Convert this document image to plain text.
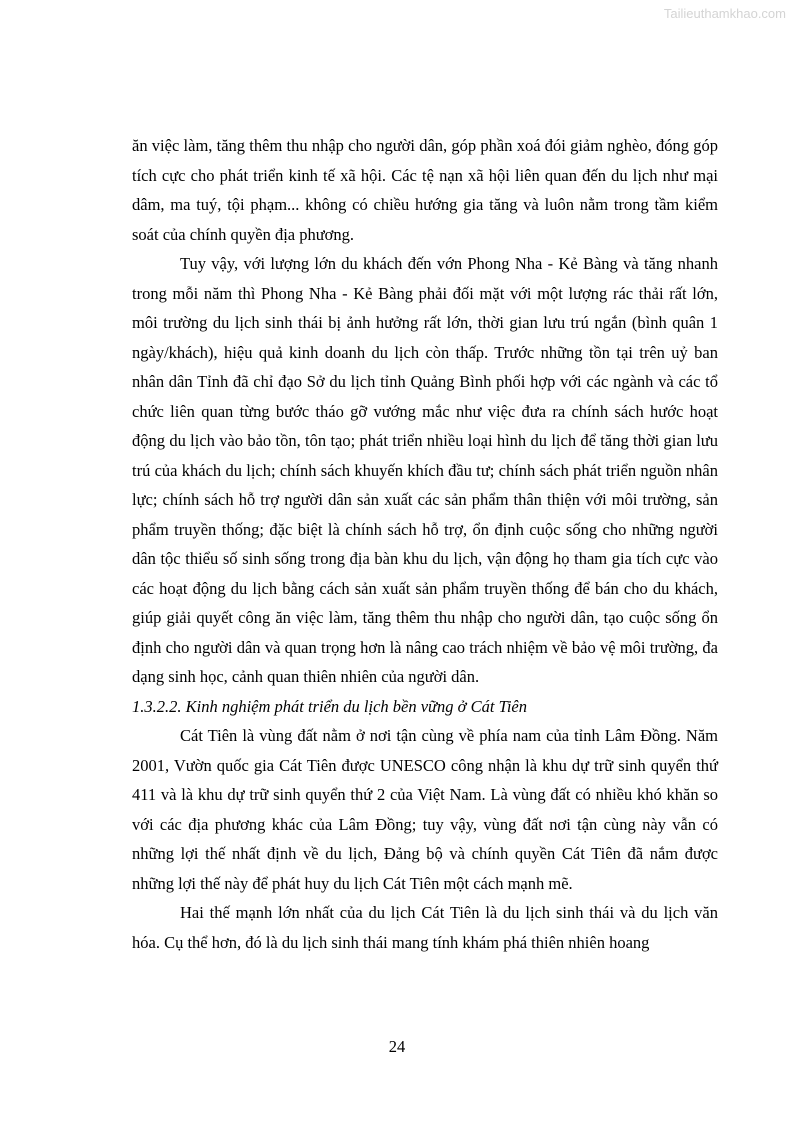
Tailieuthamkhao.com

ăn việc làm, tăng thêm thu nhập cho người dân, góp phần xoá đói giảm nghèo, đóng góp tích cực cho phát triển kinh tế xã hội. Các tệ nạn xã hội liên quan đến du lịch như mại dâm, ma tuý, tội phạm... không có chiều hướng gia tăng và luôn nằm trong tầm kiểm soát của chính quyền địa phương.

Tuy vậy, với lượng lớn du khách đến vớn Phong Nha - Kẻ Bàng và tăng nhanh trong mỗi năm thì Phong Nha - Kẻ Bàng phải đối mặt với một lượng rác thải rất lớn, môi trường du lịch sinh thái bị ảnh hưởng rất lớn, thời gian lưu trú ngắn (bình quân 1 ngày/khách), hiệu quả kinh doanh du lịch còn thấp. Trước những tồn tại trên uỷ ban nhân dân Tỉnh đã chỉ đạo Sở du lịch tỉnh Quảng Bình phối hợp với các ngành và các tổ chức liên quan từng bước tháo gỡ vướng mắc như việc đưa ra chính sách hước hoạt động du lịch vào bảo tồn, tôn tạo; phát triển nhiều loại hình du lịch để tăng thời gian lưu trú của khách du lịch; chính sách khuyến khích đầu tư; chính sách phát triển nguồn nhân lực; chính sách hỗ trợ người dân sản xuất các sản phẩm thân thiện với môi trường, sản phẩm truyền thống; đặc biệt là chính sách hỗ trợ, ổn định cuộc sống cho những người dân tộc thiểu số sinh sống trong địa bàn khu du lịch, vận động họ tham gia tích cực vào các hoạt động du lịch bằng cách sản xuất sản phẩm truyền thống để bán cho du khách, giúp giải quyết công ăn việc làm, tăng thêm thu nhập cho người dân, tạo cuộc sống ổn định cho người dân và quan trọng hơn là nâng cao trách nhiệm về bảo vệ môi trường, đa dạng sinh học, cảnh quan thiên nhiên của người dân.

1.3.2.2. Kinh nghiệm phát triển du lịch bền vững ở Cát Tiên

Cát Tiên là vùng đất nằm ở nơi tận cùng về phía nam của tỉnh Lâm Đồng. Năm 2001, Vườn quốc gia Cát Tiên được UNESCO công nhận là khu dự trữ sinh quyển thứ 411 và là khu dự trữ sinh quyển thứ 2 của Việt Nam. Là vùng đất có nhiều khó khăn so với các địa phương khác của Lâm Đồng; tuy vậy, vùng đất nơi tận cùng này vẫn có những lợi thế nhất định về du lịch, Đảng bộ và chính quyền Cát Tiên đã nắm được những lợi thế này để phát huy du lịch Cát Tiên một cách mạnh mẽ.

Hai thế mạnh lớn nhất của du lịch Cát Tiên là du lịch sinh thái và du lịch văn hóa. Cụ thể hơn, đó là du lịch sinh thái mang tính khám phá thiên nhiên hoang

24
